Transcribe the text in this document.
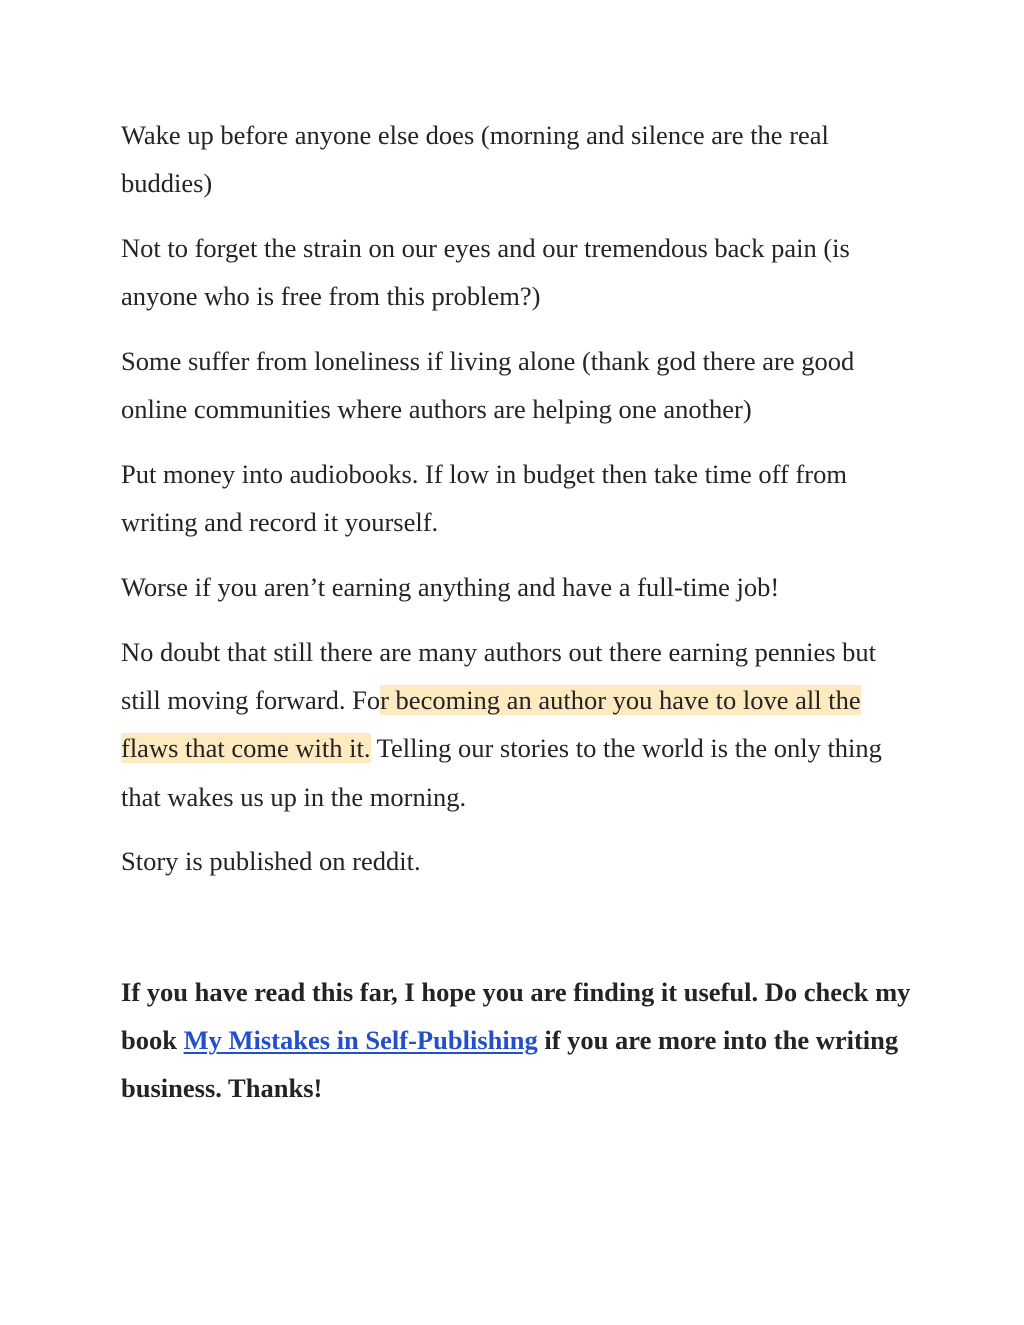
Wake up before anyone else does (morning and silence are the real buddies)

Not to forget the strain on our eyes and our tremendous back pain (is anyone who is free from this problem?)

Some suffer from loneliness if living alone (thank god there are good online communities where authors are helping one another)

Put money into audiobooks. If low in budget then take time off from writing and record it yourself.

Worse if you aren’t earning anything and have a full-time job!

No doubt that still there are many authors out there earning pennies but still moving forward. For becoming an author you have to love all the flaws that come with it. Telling our stories to the world is the only thing that wakes us up in the morning.

Story is published on reddit.

If you have read this far, I hope you are finding it useful. Do check my book My Mistakes in Self-Publishing if you are more into the writing business. Thanks!
